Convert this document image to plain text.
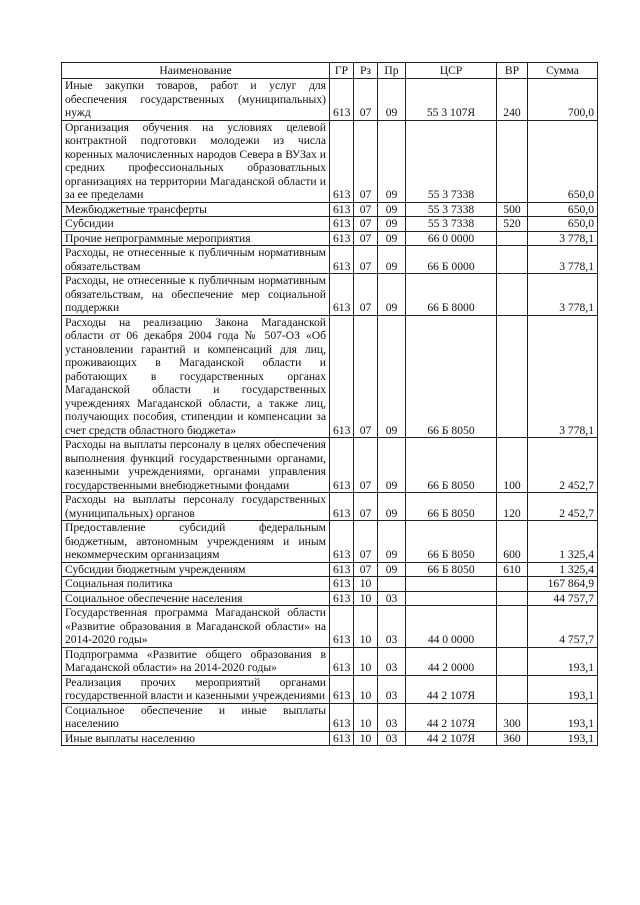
Наименование	ГР	Рз	Пр	ЦСР	ВР	Сумма
Иные закупки товаров, работ и услуг для обеспечения государственных (муниципальных) нужд	613	07	09	55 3 107Я	240	700,0
Организация обучения на условиях целевой контрактной подготовки молодежи из числа коренных малочисленных народов Севера в ВУЗах и средних профессиональных образоватльных организациях на территории Магаданской области и за ее пределами	613	07	09	55 3 7338		650,0
Межбюджетные трансферты	613	07	09	55 3 7338	500	650,0
Субсидии	613	07	09	55 3 7338	520	650,0
Прочие непрограммные мероприятия	613	07	09	66 0 0000		3 778,1
Расходы, не отнесенные к публичным нормативным обязательствам	613	07	09	66 Б 0000		3 778,1
Расходы, не отнесенные к публичным нормативным обязательствам, на обеспечение мер социальной поддержки	613	07	09	66 Б 8000		3 778,1
Расходы на реализацию Закона Магаданской области от 06 декабря 2004 года № 507-ОЗ «Об установлении гарантий и компенсаций для лиц, проживающих в Магаданской области и работающих в государственных органах Магаданской области и государственных учреждениях Магаданской области, а также лиц, получающих пособия, стипендии и компенсации за счет средств областного бюджета»	613	07	09	66 Б 8050		3 778,1
Расходы на выплаты персоналу в целях обеспечения выполнения функций государственными органами, казенными учреждениями, органами управления государственными внебюджетными фондами	613	07	09	66 Б 8050	100	2 452,7
Расходы на выплаты персоналу государственных (муниципальных) органов	613	07	09	66 Б 8050	120	2 452,7
Предоставление субсидий федеральным бюджетным, автономным учреждениям и иным некоммерческим организациям	613	07	09	66 Б 8050	600	1 325,4
Субсидии бюджетным учреждениям	613	07	09	66 Б 8050	610	1 325,4
Социальная политика	613	10				167 864,9
Социальное обеспечение населения	613	10	03			44 757,7
Государственная программа Магаданской области «Развитие образования в Магаданской области» на 2014-2020 годы»	613	10	03	44 0 0000		4 757,7
Подпрограмма «Развитие общего образования в Магаданской области» на 2014-2020 годы»	613	10	03	44 2 0000		193,1
Реализация прочих мероприятий органами государственной власти и казенными учреждениями	613	10	03	44 2 107Я		193,1
Социальное обеспечение и иные выплаты населению	613	10	03	44 2 107Я	300	193,1
Иные выплаты населению	613	10	03	44 2 107Я	360	193,1
